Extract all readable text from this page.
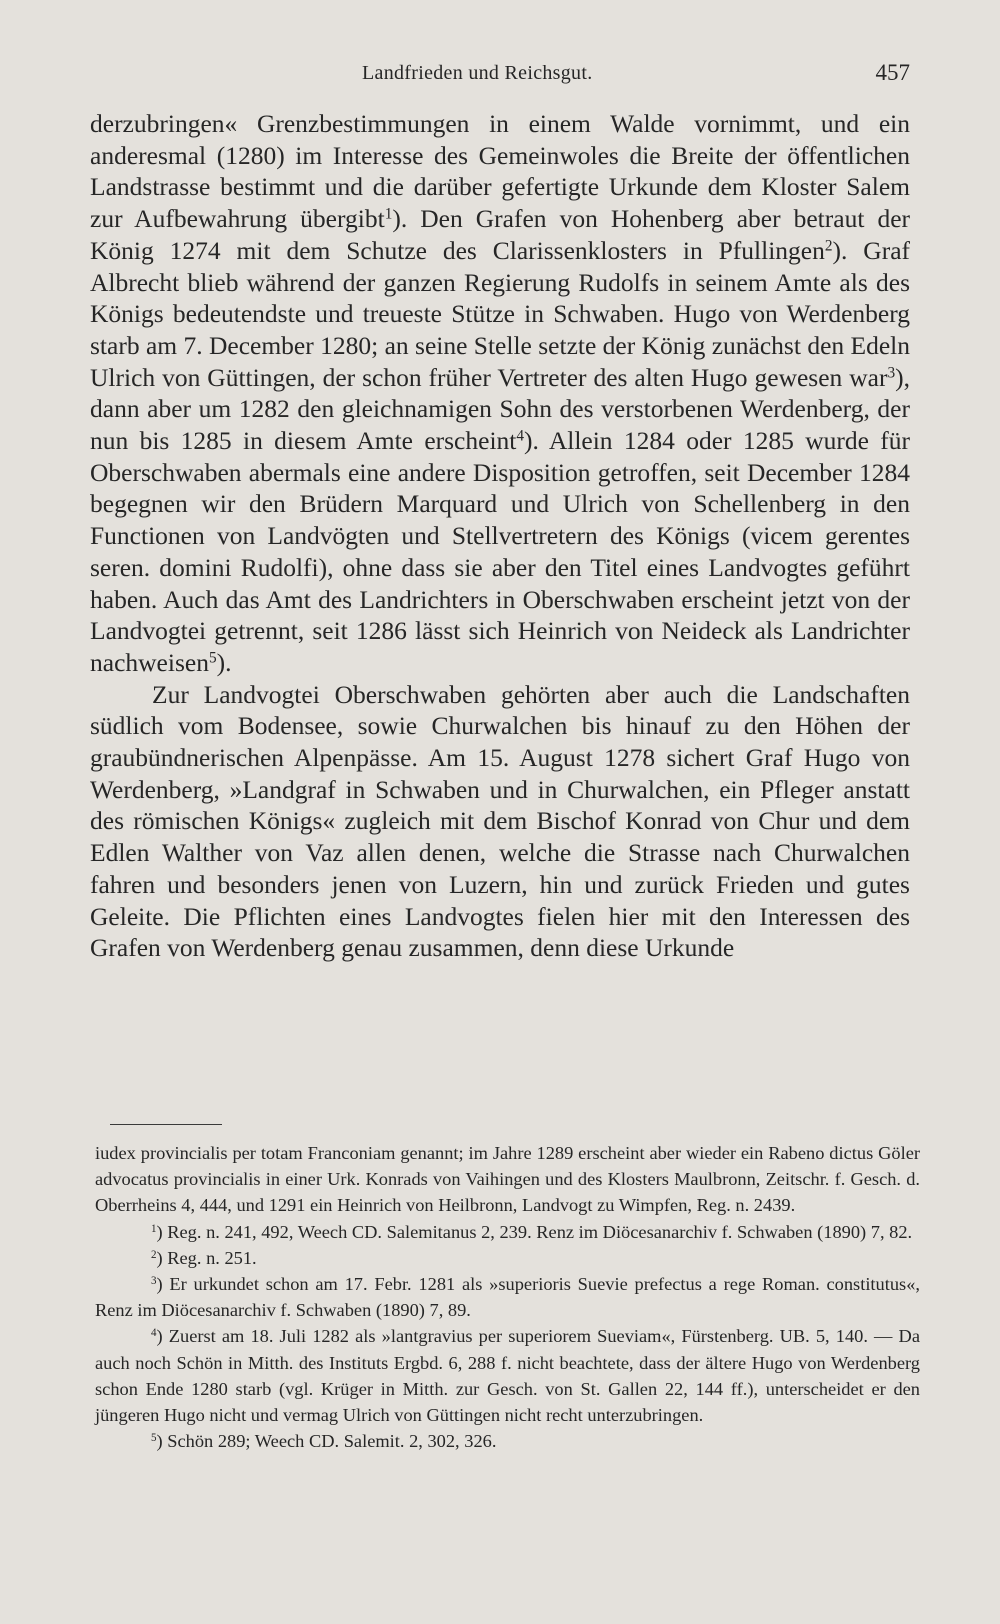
Landfrieden und Reichsgut.	457

derzubringen« Grenzbestimmungen in einem Walde vornimmt, und ein anderesmal (1280) im Interesse des Gemeinwoles die Breite der öffentlichen Landstrasse bestimmt und die darüber gefertigte Urkunde dem Kloster Salem zur Aufbewahrung übergibt$^1$). Den Grafen von Hohenberg aber betraut der König 1274 mit dem Schutze des Clarissenklosters in Pfullingen$^2$). Graf Albrecht blieb während der ganzen Regierung Rudolfs in seinem Amte als des Königs bedeutendste und treueste Stütze in Schwaben. Hugo von Werdenberg starb am 7. December 1280; an seine Stelle setzte der König zunächst den Edeln Ulrich von Güttingen, der schon früher Vertreter des alten Hugo gewesen war$^3$), dann aber um 1282 den gleichnamigen Sohn des verstorbenen Werdenberg, der nun bis 1285 in diesem Amte erscheint$^4$). Allein 1284 oder 1285 wurde für Oberschwaben abermals eine andere Disposition getroffen, seit December 1284 begegnen wir den Brüdern Marquard und Ulrich von Schellenberg in den Functionen von Landvögten und Stellvertretern des Königs (vicem gerentes seren. domini Rudolfi), ohne dass sie aber den Titel eines Landvogtes geführt haben. Auch das Amt des Landrichters in Oberschwaben erscheint jetzt von der Landvogtei getrennt, seit 1286 lässt sich Heinrich von Neideck als Landrichter nachweisen$^5$).

Zur Landvogtei Oberschwaben gehörten aber auch die Landschaften südlich vom Bodensee, sowie Churwalchen bis hinauf zu den Höhen der graubündnerischen Alpenpässe. Am 15. August 1278 sichert Graf Hugo von Werdenberg, »Landgraf in Schwaben und in Churwalchen, ein Pfleger anstatt des römischen Königs« zugleich mit dem Bischof Konrad von Chur und dem Edlen Walther von Vaz allen denen, welche die Strasse nach Churwalchen fahren und besonders jenen von Luzern, hin und zurück Frieden und gutes Geleite. Die Pflichten eines Landvogtes fielen hier mit den Interessen des Grafen von Werdenberg genau zusammen, denn diese Urkunde

iudex provincialis per totam Franconiam genannt; im Jahre 1289 erscheint aber wieder ein Rabeno dictus Göler advocatus provincialis in einer Urk. Konrads von Vaihingen und des Klosters Maulbronn, Zeitschr. f. Gesch. d. Oberrheins 4, 444, und 1291 ein Heinrich von Heilbronn, Landvogt zu Wimpfen, Reg. n. 2439.

$^1$) Reg. n. 241, 492, Weech CD. Salemitanus 2, 239. Renz im Diöcesanarchiv f. Schwaben (1890) 7, 82.

$^2$) Reg. n. 251.

$^3$) Er urkundet schon am 17. Febr. 1281 als »superioris Suevie prefectus a rege Roman. constitutus«, Renz im Diöcesanarchiv f. Schwaben (1890) 7, 89.

$^4$) Zuerst am 18. Juli 1282 als »lantgravius per superiorem Sueviam«, Fürstenberg. UB. 5, 140. — Da auch noch Schön in Mitth. des Instituts Ergbd. 6, 288 f. nicht beachtete, dass der ältere Hugo von Werdenberg schon Ende 1280 starb (vgl. Krüger in Mitth. zur Gesch. von St. Gallen 22, 144 ff.), unterscheidet er den jüngeren Hugo nicht und vermag Ulrich von Güttingen nicht recht unterzubringen.

$^5$) Schön 289; Weech CD. Salemit. 2, 302, 326.
